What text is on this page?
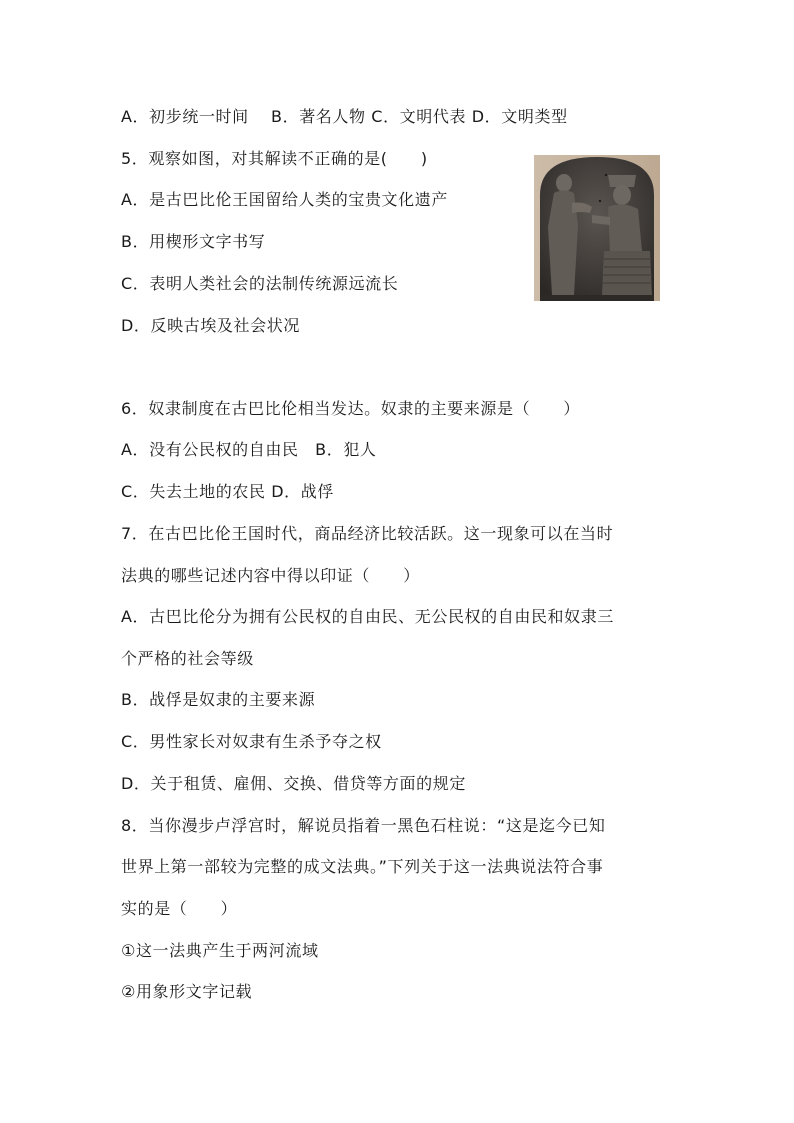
A．初步统一时间　 B．著名人物 C．文明代表 D．文明类型
5．观察如图，对其解读不正确的是(　　)
A．是古巴比伦王国留给人类的宝贵文化遗产
B．用楔形文字书写
C．表明人类社会的法制传统源远流长
D．反映古埃及社会状况
6．奴隶制度在古巴比伦相当发达。奴隶的主要来源是（　　）
A．没有公民权的自由民　B．犯人
C．失去土地的农民 D．战俘
7．在古巴比伦王国时代，商品经济比较活跃。这一现象可以在当时
法典的哪些记述内容中得以印证（　　）
A．古巴比伦分为拥有公民权的自由民、无公民权的自由民和奴隶三
个严格的社会等级
B．战俘是奴隶的主要来源
C．男性家长对奴隶有生杀予夺之权
D．关于租赁、雇佣、交换、借贷等方面的规定
8．当你漫步卢浮宫时，解说员指着一黑色石柱说：“这是迄今已知
世界上第一部较为完整的成文法典。”下列关于这一法典说法符合事
实的是（　　）
①这一法典产生于两河流域
②用象形文字记载
